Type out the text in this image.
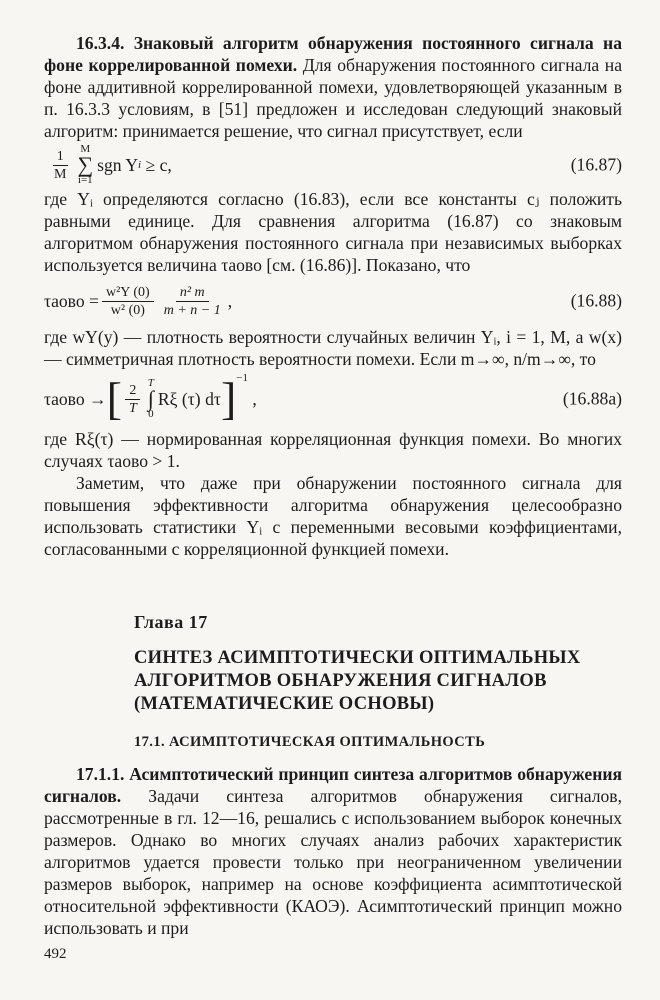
16.3.4. Знаковый алгоритм обнаружения постоянного сигнала на фоне коррелированной помехи. Для обнаружения постоянного сигнала на фоне аддитивной коррелированной помехи, удовлетворяющей указанным в п. 16.3.3 условиям, в [51] предложен и исследован следующий знаковый алгоритм: принимается решение, что сигнал присутствует, если

$\frac{1}{M}$ M
∑
i=1
sgn Y i
≥ c,	(16.87)

где Yᵢ определяются согласно (16.83), если все константы cⱼ положить равными единице. Для сравнения алгоритма (16.87) со знаковым алгоритмом обнаружения постоянного сигнала при независимых выборках используется величина τаово [см. (16.86)]. Показано, что

τаово = $\frac{\text{w²Y (0)}}{\text{w² (0)}} \frac{\text{n² m}}{m + n - 1}$ ,	(16.88)

где wY(y) — плотность вероятности случайных величин Yᵢ, i = 1, M, а w(x) — симметричная плотность вероятности помехи. Если m→∞, n/m→∞, то

τаово → [ $\frac{2}{T}$ T
∫
0
Rξ (τ) dτ ]$^{-1}$

,	(16.88a)

где Rξ(τ) — нормированная корреляционная функция помехи. Во многих случаях τаово > 1.

Заметим, что даже при обнаружении постоянного сигнала для повышения эффективности алгоритма обнаружения целесообразно использовать статистики Yᵢ с переменными весовыми коэффициентами, согласованными с корреляционной функцией помехи.

Глава 17
СИНТЕЗ АСИМПТОТИЧЕСКИ ОПТИМАЛЬНЫХ АЛГОРИТМОВ ОБНАРУЖЕНИЯ СИГНАЛОВ (МАТЕМАТИЧЕСКИЕ ОСНОВЫ)
17.1. АСИМПТОТИЧЕСКАЯ ОПТИМАЛЬНОСТЬ

17.1.1. Асимптотический принцип синтеза алгоритмов обнаружения сигналов. Задачи синтеза алгоритмов обнаружения сигналов, рассмотренные в гл. 12—16, решались с использованием выборок конечных размеров. Однако во многих случаях анализ рабочих характеристик алгоритмов удается провести только при неограниченном увеличении размеров выборок, например на основе коэффициента асимптотической относительной эффективности (КАОЭ). Асимптотический принцип можно использовать и при

492
